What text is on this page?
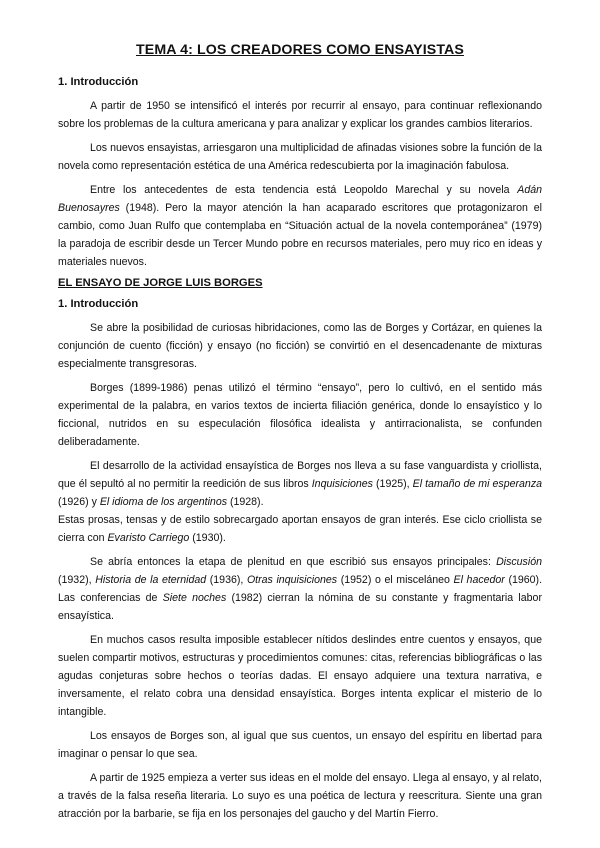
TEMA 4: LOS CREADORES COMO ENSAYISTAS
1. Introducción

A partir de 1950 se intensificó el interés por recurrir al ensayo, para continuar reflexionando sobre los problemas de la cultura americana y para analizar y explicar los grandes cambios literarios.

Los nuevos ensayistas, arriesgaron una multiplicidad de afinadas visiones sobre la función de la novela como representación estética de una América redescubierta por la imaginación fabulosa.

Entre los antecedentes de esta tendencia está Leopoldo Marechal y su novela Adán Buenosayres (1948). Pero la mayor atención la han acaparado escritores que protagonizaron el cambio, como Juan Rulfo que contemplaba en “Situación actual de la novela contemporánea” (1979) la paradoja de escribir desde un Tercer Mundo pobre en recursos materiales, pero muy rico en ideas y materiales nuevos.

EL ENSAYO DE JORGE LUIS BORGES
1. Introducción

Se abre la posibilidad de curiosas hibridaciones, como las de Borges y Cortázar, en quienes la conjunción de cuento (ficción) y ensayo (no ficción) se convirtió en el desencadenante de mixturas especialmente transgresoras.

Borges (1899-1986) penas utilizó el término “ensayo”, pero lo cultivó, en el sentido más experimental de la palabra, en varios textos de incierta filiación genérica, donde lo ensayístico y lo ficcional, nutridos en su especulación filosófica idealista y antirracionalista, se confunden deliberadamente.

El desarrollo de la actividad ensayística de Borges nos lleva a su fase vanguardista y criollista, que él sepultó al no permitir la reedición de sus libros Inquisiciones (1925), El tamaño de mi esperanza (1926) y El idioma de los argentinos (1928).

Estas prosas, tensas y de estilo sobrecargado aportan ensayos de gran interés. Ese ciclo criollista se cierra con Evaristo Carriego (1930).

Se abría entonces la etapa de plenitud en que escribió sus ensayos principales: Discusión (1932), Historia de la eternidad (1936), Otras inquisiciones (1952) o el misceláneo El hacedor (1960). Las conferencias de Siete noches (1982) cierran la nómina de su constante y fragmentaria labor ensayística.

En muchos casos resulta imposible establecer nítidos deslindes entre cuentos y ensayos, que suelen compartir motivos, estructuras y procedimientos comunes: citas, referencias bibliográficas o las agudas conjeturas sobre hechos o teorías dadas. El ensayo adquiere una textura narrativa, e inversamente, el relato cobra una densidad ensayística. Borges intenta explicar el misterio de lo intangible.

Los ensayos de Borges son, al igual que sus cuentos, un ensayo del espíritu en libertad para imaginar o pensar lo que sea.

A partir de 1925 empieza a verter sus ideas en el molde del ensayo. Llega al ensayo, y al relato, a través de la falsa reseña literaria. Lo suyo es una poética de lectura y reescritura. Siente una gran atracción por la barbarie, se fija en los personajes del gaucho y del Martín Fierro.
